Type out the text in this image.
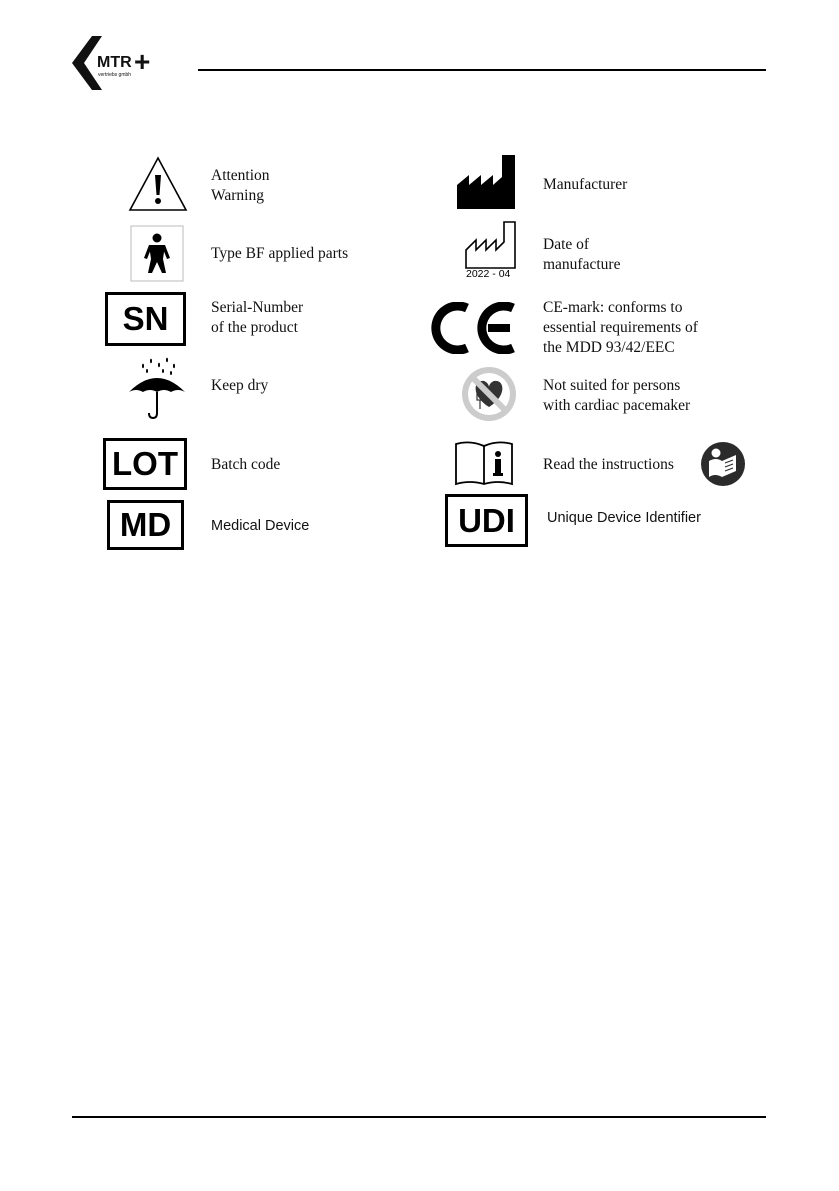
MTR +
vertriebs gmbh
Attention
Warning
Type BF applied parts
SN	Serial-Number
of the product
Keep dry
LOT	Batch code
MD	Medical Device
Manufacturer
2022 - 04
Date of
manufacture
CE-mark: conforms to
essential requirements of
the MDD 93/42/EEC
Not suited for persons
with cardiac pacemaker
Read the instructions
UDI	Unique Device Identifier
